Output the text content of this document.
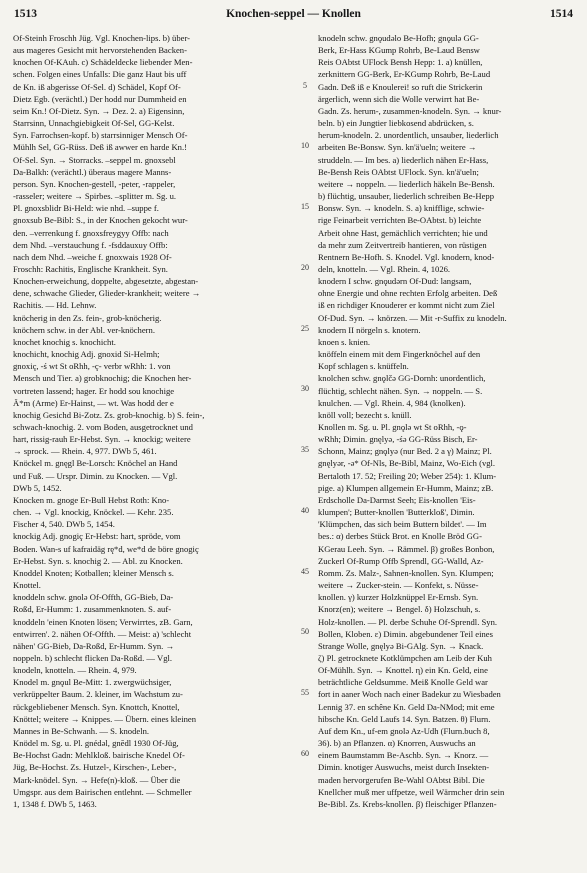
1513	Knochen-seppel — Knollen	1514

Of-Steinh Froschh Jüg. Vgl. Knochen-lips. b) über-

aus mageres Gesicht mit hervorstehenden Backen-

knochen Of-KAuh. c) Schädeldecke liebender Men-

schen. Folgen eines Unfalls: Die ganz Haut bis uff

de Kn. iß abgerisse Of-Sel. d) Schädel, Kopf Of-

Dietz Egb. (verächtl.) Der hodd nur Dummheid en

seim Kn.! Of-Dietz. Syn. → Dez. 2. a) Eigensinn,

Starrsinn, Unnachgiebigkeit Of-Sel, GG-Kelst.

Syn. Farrochsen-kopf. b) starrsinniger Mensch Of-

Mühlh Sel, GG-Rüss. Deß iß awwer en harde Kn.!

Of-Sel. Syn. → Storracks. –seppel m. gnoxsebl

Da-Balkh: (verächtl.) überaus magere Manns-

person. Syn. Knochen-gestell, -peter, -rappeler,

-rasseler; weitere → Spirbes. –splitter m. Sg. u.

Pl. gnoxsblidr Bi-Held: wie nhd. –suppe f.

gnoxsub Be-Bibl: S., in der Knochen gekocht wur-

den. –verrenkung f. gnoxsfreygyy Offb: nach

dem Nhd. –verstauchung f. -fsddauxuy Offb:

nach dem Nhd. –weiche f. gnoxwais 1928 Of-

Froschh: Rachitis, Englische Krankheit. Syn.

Knochen-erweichung, doppelte, abgesetzte, abgestan-

dene, schwache Glieder, Glieder-krankheit; weitere →

Rachitis. — Hd. Lehnw.

knöcherig in den Zs. fein-, grob-knöcherig.

knöchern schw. in der Abl. ver-knöchern.

knochet knochig s. knochicht.

knochicht, knochig Adj. gnoxid Si-Helmh;

gnoxiç, -ś wt St oRhh, -ç- verbr wRhh: 1. von

Mensch und Tier. a) grobknochig; die Knochen her-

vortreten lassend; hager. Er hodd sou knochige

Ä*m (Arme) Er-Hainst, — wt. Was hodd der e

knochig Gesichd Bi-Zotz. Zs. grob-knochig. b) S. fein-,

schwach-knochig. 2. vom Boden, ausgetrocknet und

hart, rissig-rauh Er-Hebst. Syn. → knockig; weitere

→ sprock. — Rhein. 4, 977. DWb 5, 461.

Knöckel m. gnęgl Be-Lorsch: Knöchel an Hand

und Fuß. — Urspr. Dimin. zu Knocken. — Vgl.

DWb 5, 1452.

Knocken m. gnoge Er-Bull Hebst Roth: Kno-

chen. → Vgl. knockig, Knöckel. — Kehr. 235.

Fischer 4, 540. DWb 5, 1454.

knockig Adj. gnogiç Er-Hebst: hart, spröde, vom

Boden. Wan-s uf kafraidäg rę*d, we*d de böre gnogiç

Er-Hebst. Syn. s. knochig 2. — Abl. zu Knocken.

Knoddel Knoten; Kotballen; kleiner Mensch s.

Knottel.

knoddeln schw. gnolə Of-Offth, GG-Bieb, Da-

Roßd, Er-Humm: 1. zusammenknoten. S. auf-

knoddeln 'einen Knoten lösen; Verwirrtes, zB. Garn,

entwirren'. 2. nähen Of-Offth. — Meist: a) 'schlecht

nähen' GG-Bieb, Da-Roßd, Er-Humm. Syn. →

noppeln. b) schlecht flicken Da-Roßd. — Vgl.

knodeln, knotteln. — Rhein. 4, 979.

Knodel m. gnǫul Be-Mitt: 1. zwergwüchsiger,

verkrüppelter Baum. 2. kleiner, im Wachstum zu-

rückgebliebener Mensch. Syn. Knottch, Knottel,

Knöttel; weitere → Knippes. — Übern. eines kleinen

Mannes in Be-Schwanh. — S. knodeln.

Knödel m. Sg. u. Pl. gnédəl, gnēdl 1930 Of-Jüg,

Be-Hochst Gadn: Mehlkloß. bairische Knedel Of-

Jüg, Be-Hochst. Zs. Hutzel-, Kirschen-, Leber-,

Mark-knödel. Syn. → Hefe(n)-kloß. — Über die

Umgspr. aus dem Bairischen entlehnt. — Schmeller

1, 1348 f. DWb 5, 1463.

5
10
15
20
25
30
35
40
45
50
55
60

knodeln schw. gnǫudəlo Be-Hofh; gnǫulə GG-

Berk, Er-Hass KGump Rohrb, Be-Laud Bensw

Reis OAbtst UFlock Bensh Hepp: 1. a) knüllen,

zerknittern GG-Berk, Er-KGump Rohrb, Be-Laud

Gadn. Deß iß e Knoulerei! so ruft die Strickerin

ärgerlich, wenn sich die Wolle verwirrt hat Be-

Gadn. Zs. herum-, zusammen-knodeln. Syn. → knur-

beln. b) ein Jungtier liebkosend abdrücken, s.

herum-knodeln. 2. unordentlich, unsauber, liederlich

arbeiten Be-Bonsw. Syn. kn'ä'ueln; weitere →

struddeln. — Im bes. a) liederlich nähen Er-Hass,

Be-Bensh Reis OAbtst UFlock. Syn. kn'ä'ueln;

weitere → noppeln. — liederlich häkeln Be-Bensh.

b) flüchtig, unsauber, liederlich schreiben Be-Hepp

Bonsw. Syn. → knodeln. S. a) knifflige, schwie-

rige Feinarbeit verrichten Be-OAbtst. b) leichte

Arbeit ohne Hast, gemächlich verrichten; hie und

da mehr zum Zeitvertreib hantieren, von rüstigen

Rentnern Be-Hofh. S. Knodel. Vgl. knodern, knod-

deln, knotteln. — Vgl. Rhein. 4, 1026.

knodern I schw. gnǫudərn Of-Dud: langsam,

ohne Energie und ohne rechten Erfolg arbeiten. Deß

iß en richdiger Knouderer er kommt nicht zum Ziel

Of-Dud. Syn. → knörzen. — Mit -r-Suffix zu knodeln.

knodern II nörgeln s. knotern.

knoen s. knien.

knöffeln einem mit dem Fingerknöchel auf den

Kopf schlagen s. knüffeln.

knolchen schw. gnǫlčə GG-Dornh: unordentlich,

flüchtig, schlecht nähen. Syn. → noppeln. — S.

knulchen. — Vgl. Rhein. 4, 984 (knolken).

knöll voll; bezecht s. knüll.

Knollen m. Sg. u. Pl. gnǫlə wt St oRhh, -ǫ-

wRhh; Dimin. gnęlyə, -śə GG-Rüss Bisch, Er-

Schonn, Mainz; gnǫlyə (nur Bed. 2 a γ) Mainz; Pl.

gnęlyər, -ə* Of-Nls, Be-Bibl, Mainz, Wo-Eich (vgl.

Bertaloth 17. 52; Freiling 20; Weber 254): 1. Klum-

pige. a) Klumpen allgemein Er-Humm, Mainz; zB.

Erdscholle Da-Darmst Seeh; Eis-knollen 'Eis-

klumpen'; Butter-knollen 'Butterkloß', Dimin.

'Klümpchen, das sich beim Buttern bildet'. — Im

bes.: α) derbes Stück Brot. en Knolle Bröd GG-

KGerau Leeh. Syn. → Rämmel. β) großes Bonbon,

Zuckerl Of-Rump Offb Sprendl, GG-Walld, Az-

Romm. Zs. Malz-, Sahnen-knollen. Syn. Klumpen;

weitere → Zucker-stein. — Konfekt, s. Nüsse-

knollen. γ) kurzer Holzknüppel Er-Ernsb. Syn.

Knorz(en); weitere → Bengel. δ) Holzschuh, s.

Holz-knollen. — Pl. derbe Schuhe Of-Sprendl. Syn.

Bollen, Kloben. ε) Dimin. abgebundener Teil eines

Strange Wolle, gnęlyə Bi-GAlg. Syn. → Knack.

ζ) Pl. getrocknete Kotklümpchen am Leib der Kuh

Of-Mühlh. Syn. → Knottel. η) ein Kn. Geld, eine

beträchtliche Geldsumme. Meiß Knolle Geld war

fort in aaner Woch nach einer Badekur zu Wiesbaden

Lennig 37. en schêne Kn. Geld Da-NMod; mit eme

hibsche Kn. Geld Laufs 14. Syn. Batzen. θ) Flurn.

Auf dem Kn., uf-em gnolə Az-Udh (Flurn.buch 8,

36). b) an Pflanzen. α) Knorren, Auswuchs an

einem Baumstamm Be-Aschb. Syn. → Knorz. —

Dimin. knotiger Auswuchs, meist durch Insekten-

maden hervorgerufen Be-Wahl OAbtst Bibl. Die

Knellcher muß mer uffpetze, weil Wärmcher drin sein

Be-Bibl. Zs. Krebs-knollen. β) fleischiger Pflanzen-
